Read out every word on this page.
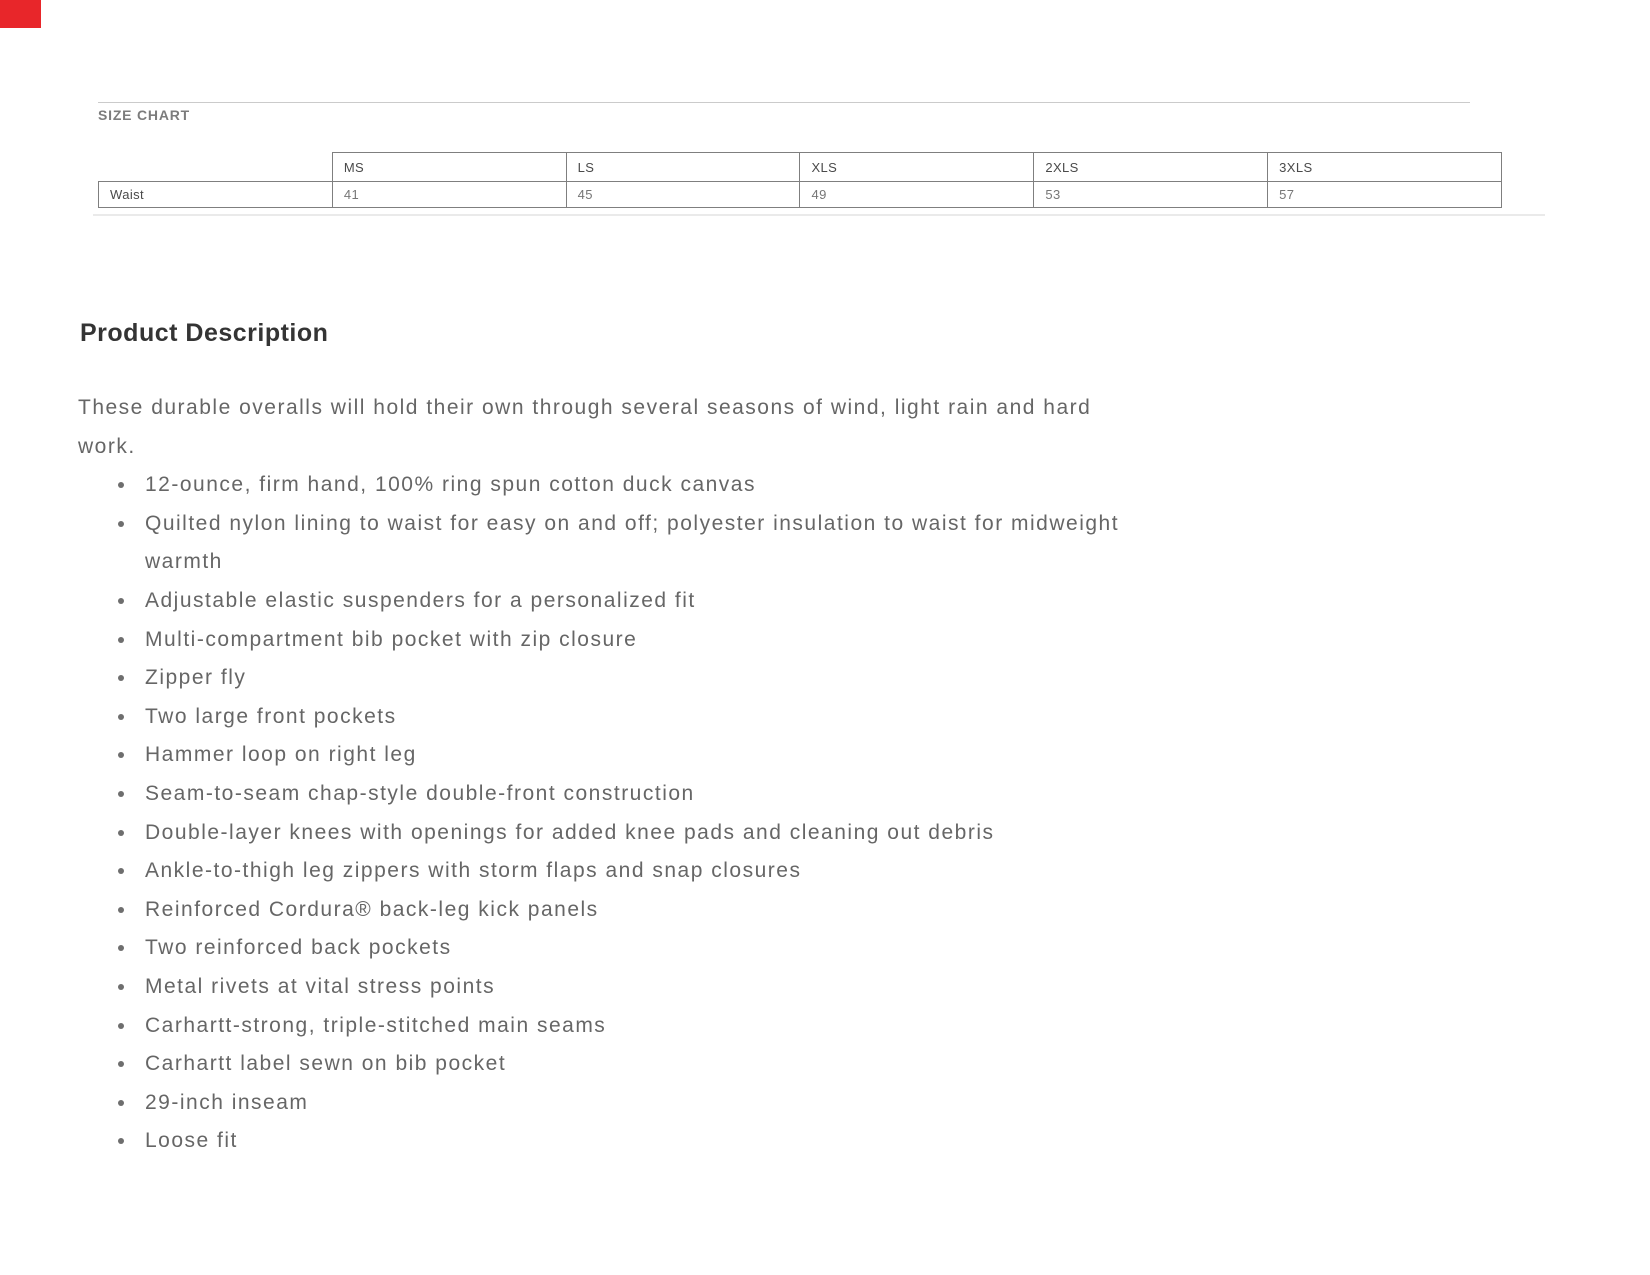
SIZE CHART
	MS	LS	XLS	2XLS	3XLS
Waist	41	45	49	53	57
Product Description

These durable overalls will hold their own through several seasons of wind, light rain and hard
work.

12-ounce, firm hand, 100% ring spun cotton duck canvas
Quilted nylon lining to waist for easy on and off; polyester insulation to waist for midweight
warmth
Adjustable elastic suspenders for a personalized fit
Multi-compartment bib pocket with zip closure
Zipper fly
Two large front pockets
Hammer loop on right leg
Seam-to-seam chap-style double-front construction
Double-layer knees with openings for added knee pads and cleaning out debris
Ankle-to-thigh leg zippers with storm flaps and snap closures
Reinforced Cordura® back-leg kick panels
Two reinforced back pockets
Metal rivets at vital stress points
Carhartt-strong, triple-stitched main seams
Carhartt label sewn on bib pocket
29-inch inseam
Loose fit
